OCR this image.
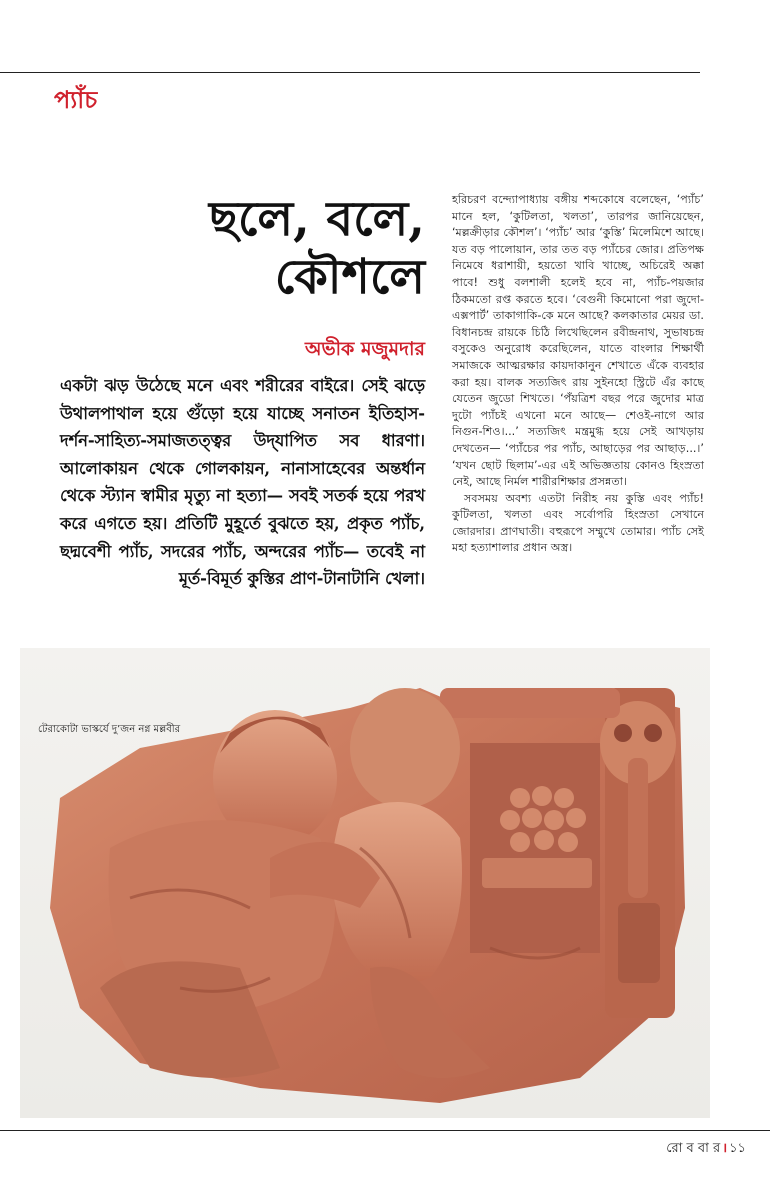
প্যাঁচ
ছলে, বলে,
কৌশলে
অভীক মজুমদার
একটা ঝড় উঠেছে মনে এবং শরীরের বাইরে। সেই ঝড়ে উথালপাথাল হয়ে গুঁড়ো হয়ে যাচ্ছে সনাতন ইতিহাস-দর্শন-সাহিত্য-সমাজতত্ত্বর উদ্‌যাপিত সব ধারণা। আলোকায়ন থেকে গোলকায়ন, নানাসাহেবের অন্তর্ধান থেকে স্ট্যান স্বামীর মৃত্যু না হত্যা— সবই সতর্ক হয়ে পরখ করে এগতে হয়। প্রতিটি মুহূর্তে বুঝতে হয়, প্রকৃত প্যাঁচ, ছদ্মবেশী প্যাঁচ, সদরের প্যাঁচ, অন্দরের প্যাঁচ— তবেই না মূর্ত-বিমূর্ত কুস্তির প্রাণ-টানাটানি খেলা।

হরিচরণ বন্দ্যোপাধ্যায় বঙ্গীয় শব্দকোষে বলেছেন, ‘প্যাঁচ’ মানে হল, ‘কুটিলতা, খলতা’, তারপর জানিয়েছেন, ‘মল্লক্রীড়ার কৌশল’। ‘প্যাঁচ’ আর ‘কুস্তি’ মিলেমিশে আছে। যত বড় পালোয়ান, তার তত বড় প্যাঁচের জোর। প্রতিপক্ষ নিমেষে ধরাশায়ী, হয়তো খাবি খাচ্ছে, অচিরেই অক্কা পাবে! শুধু বলশালী হলেই হবে না, প্যাঁচ-পয়জার ঠিকমতো রপ্ত করতে হবে। ‘বেগুনী কিমোনো পরা জুদো-এক্সপার্ট’ তাকাগাকি-কে মনে আছে? কলকাতার মেয়র ডা. বিধানচন্দ্র রায়কে চিঠি লিখেছিলেন রবীন্দ্রনাথ, সুভাষচন্দ্র বসুকেও অনুরোধ করেছিলেন, যাতে বাংলার শিক্ষার্থী সমাজকে আত্মরক্ষার কায়দাকানুন শেখাতে এঁকে ব্যবহার করা হয়। বালক সত্যজিৎ রায় সুইনহো স্ট্রিটে এঁর কাছে যেতেন জুডো শিখতে। ‘পঁয়ত্রিশ বছর পরে জুদোর মাত্র দুটো প্যাঁচই এখনো মনে আছে— শেওই-নাগে আর নিগুন-শিও।...’ সত্যজিৎ মন্ত্রমুগ্ধ হয়ে সেই আখড়ায় দেখতেন— ‘প্যাঁচের পর প্যাঁচ, আছাড়ের পর আছাড়...।’ ‘যখন ছোট ছিলাম’-এর এই অভিজ্ঞতায় কোনও হিংস্রতা নেই, আছে নির্মল শারীরশিক্ষার প্রসন্নতা।

সবসময় অবশ্য এতটা নিরীহ নয় কুস্তি এবং প্যাঁচ! কুটিলতা, খলতা এবং সর্বোপরি হিংস্রতা সেখানে জোরদার। প্রাণঘাতী। বহুরূপে সম্মুখে তোমার। প্যাঁচ সেই মহা হত্যাশালার প্রধান অস্ত্র।

টেরাকোটা ভাস্কর্যে দু’জন নগ্ন মল্লবীর
রো ব বা র । ১১
